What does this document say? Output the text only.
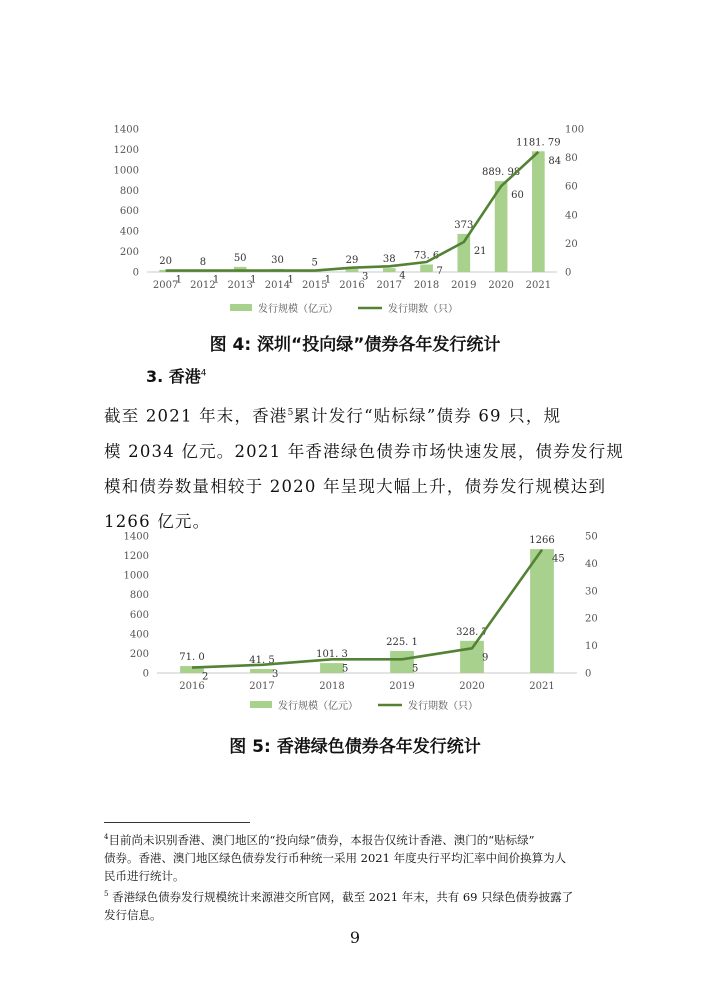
0
200
400
600
800
1000
1200
1400
0
20
40
60
80
100
20	8	50 30	5	29 38 73. 6
373
889. 98
1181. 79
1	1	1	1	1	3	4	7
21
60
84
2007 2012 2013 2014 2015 2016 2017 2018 2019 2020 2021
发行规模（亿元）	发行期数（只）
图 4: 深圳“投向绿”债券各年发行统计
3. 香港$^4$
截至 2021 年末，香港$^5$累计发行“贴标绿”债券 69 只，规
模 2034 亿元。2021 年香港绿色债券市场快速发展，债券发行规
模和债券数量相较于 2020 年呈现大幅上升，债券发行规模达到
1266 亿元。
0
200
400
600
800
1000
1200
1400
0
10
20
30
40
50
71. 0	41. 5
101. 3
225. 1
328. 7
1266
2	3	5	5
9
45
2016	2017	2018	2019	2020	2021
发行规模（亿元）	发行期数（只）
图 5: 香港绿色债券各年发行统计
$^4$目前尚未识别香港、澳门地区的“投向绿”债券，本报告仅统计香港、澳门的“贴标绿”
债券。香港、澳门地区绿色债券发行币种统一采用 2021 年度央行平均汇率中间价换算为人
民币进行统计。
$^5$ 香港绿色债券发行规模统计来源港交所官网，截至 2021 年末，共有 69 只绿色债券披露了
发行信息。
9
